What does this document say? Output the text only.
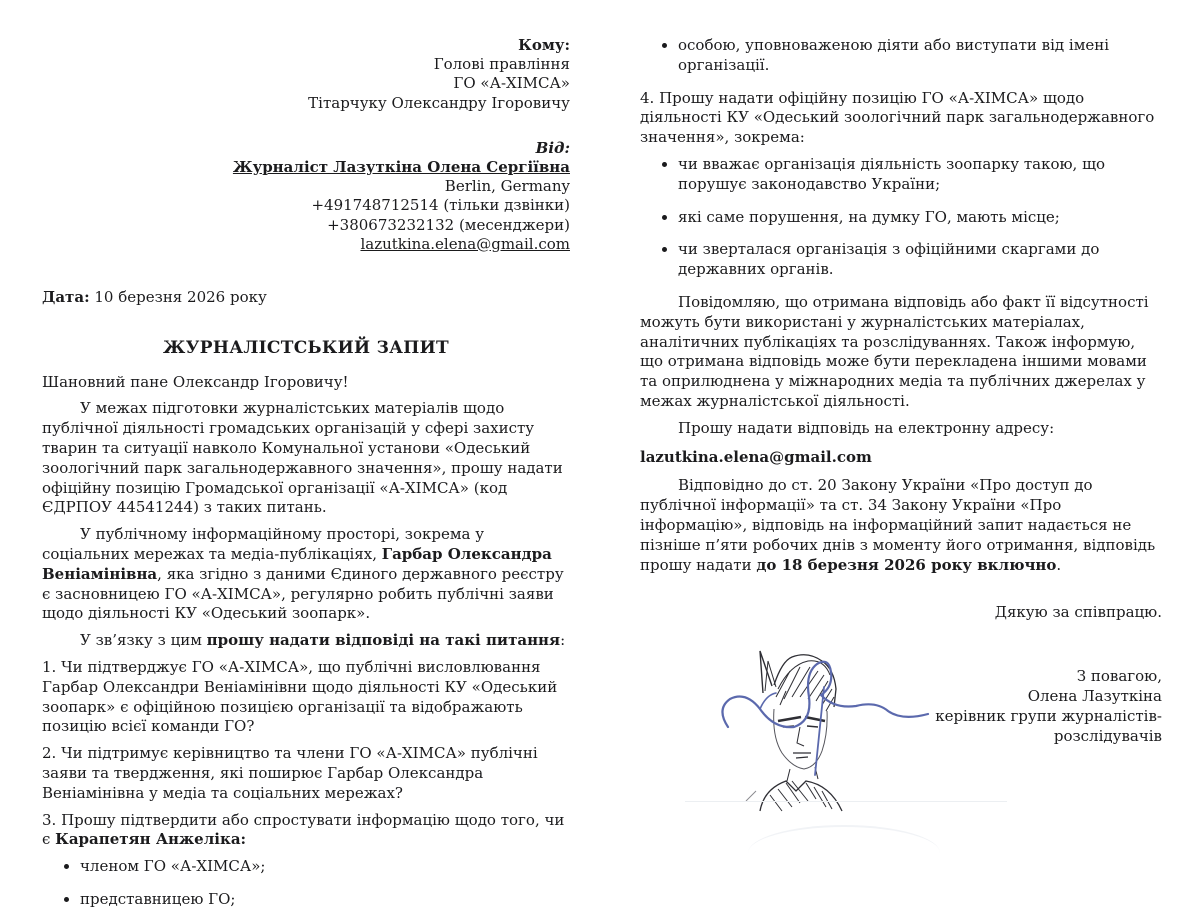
Кому:
Голові правління
ГО «А-ХІМСА»
Тітарчуку Олександру Ігоровичу
Від:
Журналіст Лазуткіна Олена Сергіївна
Berlin, Germany
+491748712514 (тільки дзвінки)
+380673232132 (месенджери)
lazutkina.elena@gmail.com

Дата: 10 березня 2026 року

ЖУРНАЛІСТСЬКИЙ ЗАПИТ

Шановний пане Олександр Ігоровичу!

У межах підготовки журналістських матеріалів щодо публічної діяльності громадських організацій у сфері захисту тварин та ситуації навколо Комунальної установи «Одеський зоологічний парк загальнодержавного значення», прошу надати офіційну позицію Громадської організації «А-ХІМСА» (код ЄДРПОУ 44541244) з таких питань.

У публічному інформаційному просторі, зокрема у соціальних мережах та медіа-публікаціях, Гарбар Олександра Веніамінівна, яка згідно з даними Єдиного державного реєстру є засновницею ГО «А-ХІМСА», регулярно робить публічні заяви щодо діяльності КУ «Одеський зоопарк».

У зв’язку з цим прошу надати відповіді на такі питання:

1. Чи підтверджує ГО «А-ХІМСА», що публічні висловлювання Гарбар Олександри Веніамінівни щодо діяльності КУ «Одеський зоопарк» є офіційною позицією організації та відображають позицію всієї команди ГО?

2. Чи підтримує керівництво та члени ГО «А-ХІМСА» публічні заяви та твердження, які поширює Гарбар Олександра Веніамінівна у медіа та соціальних мережах?

3. Прошу підтвердити або спростувати інформацію щодо того, чи є Карапетян Анжеліка:

• членом ГО «А-ХІМСА»;
• представницею ГО;
• особою, уповноваженою діяти або виступати від імені організації.

4. Прошу надати офіційну позицію ГО «А-ХІМСА» щодо діяльності КУ «Одеський зоологічний парк загальнодержавного значення», зокрема:

• чи вважає організація діяльність зоопарку такою, що порушує законодавство України;
• які саме порушення, на думку ГО, мають місце;
• чи зверталася організація з офіційними скаргами до державних органів.

Повідомляю, що отримана відповідь або факт її відсутності можуть бути використані у журналістських матеріалах, аналітичних публікаціях та розслідуваннях. Також інформую, що отримана відповідь може бути перекладена іншими мовами та оприлюднена у міжнародних медіа та публічних джерелах у межах журналістської діяльності.

Прошу надати відповідь на електронну адресу:

lazutkina.elena@gmail.com

Відповідно до ст. 20 Закону України «Про доступ до публічної інформації» та ст. 34 Закону України «Про інформацію», відповідь на інформаційний запит надається не пізніше п’яти робочих днів з моменту його отримання, відповідь прошу надати до 18 березня 2026 року включно.

Дякую за співпрацю.

З повагою,
Олена Лазуткіна
керівник групи журналістів-
розслідувачів
